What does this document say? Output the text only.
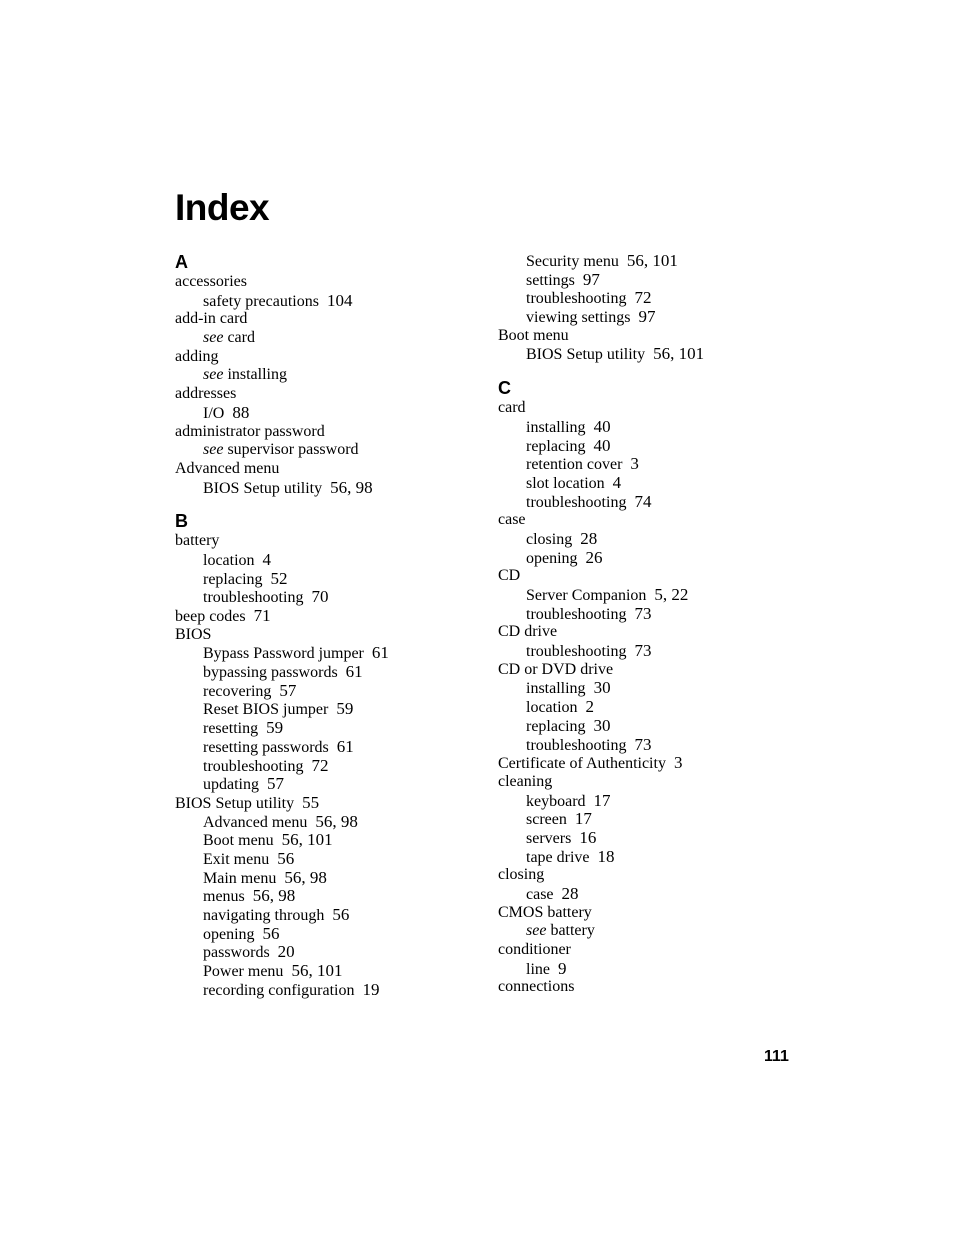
Index
A
accessories
safety precautions  104
add-in card
see card
adding
see installing
addresses
I/O  88
administrator password
see supervisor password
Advanced menu
BIOS Setup utility  56, 98
B
battery
location  4
replacing  52
troubleshooting  70
beep codes  71
BIOS
Bypass Password jumper  61
bypassing passwords  61
recovering  57
Reset BIOS jumper  59
resetting  59
resetting passwords  61
troubleshooting  72
updating  57
BIOS Setup utility  55
Advanced menu  56, 98
Boot menu  56, 101
Exit menu  56
Main menu  56, 98
menus  56, 98
navigating through  56
opening  56
passwords  20
Power menu  56, 101
recording configuration  19
Security menu  56, 101
settings  97
troubleshooting  72
viewing settings  97
Boot menu
BIOS Setup utility  56, 101
C
card
installing  40
replacing  40
retention cover  3
slot location  4
troubleshooting  74
case
closing  28
opening  26
CD
Server Companion  5, 22
troubleshooting  73
CD drive
troubleshooting  73
CD or DVD drive
installing  30
location  2
replacing  30
troubleshooting  73
Certificate of Authenticity  3
cleaning
keyboard  17
screen  17
servers  16
tape drive  18
closing
case  28
CMOS battery
see battery
conditioner
line  9
connections
111
